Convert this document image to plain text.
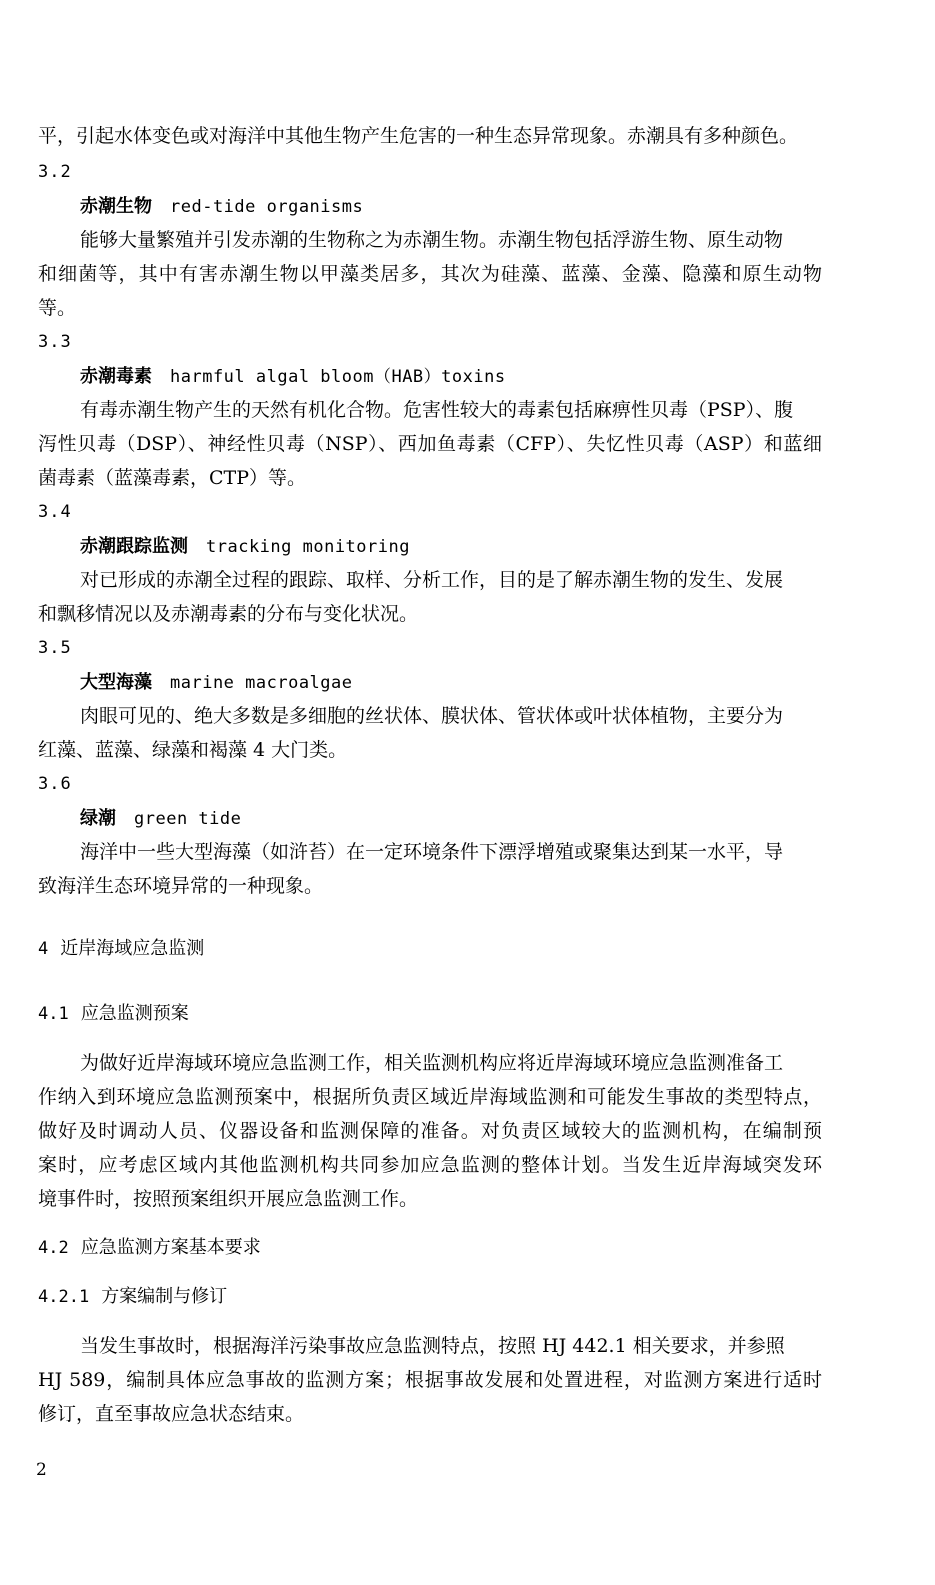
平，引起水体变色或对海洋中其他生物产生危害的一种生态异常现象。赤潮具有多种颜色。
3.2
赤潮生物 red-tide organisms
能够大量繁殖并引发赤潮的生物称之为赤潮生物。赤潮生物包括浮游生物、原生动物
和细菌等，其中有害赤潮生物以甲藻类居多，其次为硅藻、蓝藻、金藻、隐藻和原生动物
等。
3.3
赤潮毒素 harmful algal bloom（HAB）toxins
有毒赤潮生物产生的天然有机化合物。危害性较大的毒素包括麻痹性贝毒（PSP）、腹
泻性贝毒（DSP）、神经性贝毒（NSP）、西加鱼毒素（CFP）、失忆性贝毒（ASP）和蓝细
菌毒素（蓝藻毒素，CTP）等。
3.4
赤潮跟踪监测 tracking monitoring
对已形成的赤潮全过程的跟踪、取样、分析工作，目的是了解赤潮生物的发生、发展
和飘移情况以及赤潮毒素的分布与变化状况。
3.5
大型海藻 marine macroalgae
肉眼可见的、绝大多数是多细胞的丝状体、膜状体、管状体或叶状体植物，主要分为
红藻、蓝藻、绿藻和褐藻 4 大门类。
3.6
绿潮 green tide
海洋中一些大型海藻（如浒苔）在一定环境条件下漂浮增殖或聚集达到某一水平，导
致海洋生态环境异常的一种现象。
4 近岸海域应急监测
4.1 应急监测预案
为做好近岸海域环境应急监测工作，相关监测机构应将近岸海域环境应急监测准备工
作纳入到环境应急监测预案中，根据所负责区域近岸海域监测和可能发生事故的类型特点，
做好及时调动人员、仪器设备和监测保障的准备。对负责区域较大的监测机构，在编制预
案时，应考虑区域内其他监测机构共同参加应急监测的整体计划。当发生近岸海域突发环
境事件时，按照预案组织开展应急监测工作。
4.2 应急监测方案基本要求
4.2.1 方案编制与修订
当发生事故时，根据海洋污染事故应急监测特点，按照 HJ 442.1 相关要求，并参照
HJ 589，编制具体应急事故的监测方案；根据事故发展和处置进程，对监测方案进行适时
修订，直至事故应急状态结束。
2
